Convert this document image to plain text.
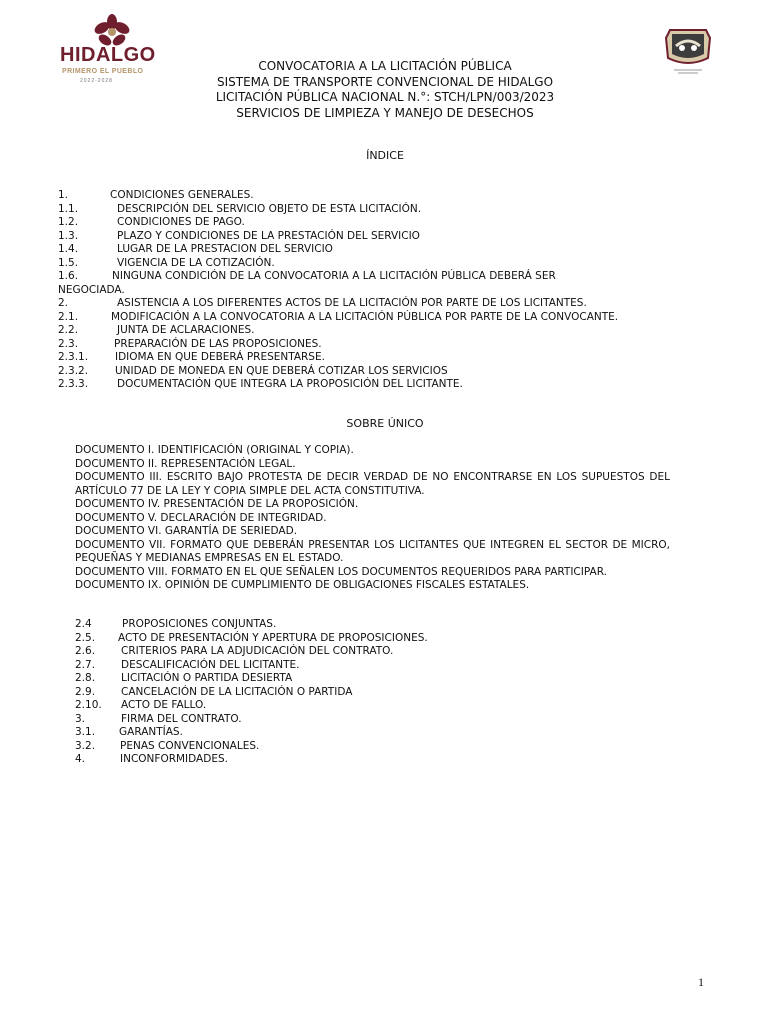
HIDALGO
PRIMERO EL PUEBLO
2022-2028
CONVOCATORIA A LA LICITACIÓN PÚBLICA
SISTEMA DE TRANSPORTE CONVENCIONAL DE HIDALGO
LICITACIÓN PÚBLICA NACIONAL N.°: STCH/LPN/003/2023
SERVICIOS DE LIMPIEZA Y MANEJO DE DESECHOS
ÍNDICE
1.	CONDICIONES GENERALES.
1.1.	DESCRIPCIÓN DEL SERVICIO OBJETO DE ESTA LICITACIÓN.
1.2.	CONDICIONES DE PAGO.
1.3.	PLAZO Y CONDICIONES DE LA PRESTACIÓN DEL SERVICIO
1.4.	LUGAR DE LA PRESTACION DEL SERVICIO
1.5.	VIGENCIA DE LA COTIZACIÓN.
1.6.	NINGUNA CONDICIÓN DE LA CONVOCATORIA A LA LICITACIÓN PÚBLICA DEBERÁ SER
NEGOCIADA.
2.	ASISTENCIA A LOS DIFERENTES ACTOS DE LA LICITACIÓN POR PARTE DE LOS LICITANTES.
2.1.	MODIFICACIÓN A LA CONVOCATORIA A LA LICITACIÓN PÚBLICA POR PARTE DE LA CONVOCANTE.
2.2.	JUNTA DE ACLARACIONES.
2.3.	PREPARACIÓN DE LAS PROPOSICIONES.
2.3.1.	IDIOMA EN QUE DEBERÁ PRESENTARSE.
2.3.2.	UNIDAD DE MONEDA EN QUE DEBERÁ COTIZAR LOS SERVICIOS
2.3.3.	DOCUMENTACIÓN QUE INTEGRA LA PROPOSICIÓN DEL LICITANTE.
SOBRE ÚNICO
DOCUMENTO I. IDENTIFICACIÓN (ORIGINAL Y COPIA).
DOCUMENTO II. REPRESENTACIÓN LEGAL.
DOCUMENTO III. ESCRITO BAJO PROTESTA DE DECIR VERDAD DE NO ENCONTRARSE EN LOS SUPUESTOS DEL ARTÍCULO 77 DE LA LEY Y COPIA SIMPLE DEL ACTA CONSTITUTIVA.
DOCUMENTO IV. PRESENTACIÓN DE LA PROPOSICIÓN.
DOCUMENTO V. DECLARACIÓN DE INTEGRIDAD.
DOCUMENTO VI. GARANTÍA DE SERIEDAD.
DOCUMENTO VII. FORMATO QUE DEBERÁN PRESENTAR LOS LICITANTES QUE INTEGREN EL SECTOR DE MICRO, PEQUEÑAS Y MEDIANAS EMPRESAS EN EL ESTADO.
DOCUMENTO VIII. FORMATO EN EL QUE SEÑALEN LOS DOCUMENTOS REQUERIDOS PARA PARTICIPAR.
DOCUMENTO IX. OPINIÓN DE CUMPLIMIENTO DE OBLIGACIONES FISCALES ESTATALES.
2.4	PROPOSICIONES CONJUNTAS.
2.5. ACTO DE PRESENTACIÓN Y APERTURA DE PROPOSICIONES.
2.6. CRITERIOS PARA LA ADJUDICACIÓN DEL CONTRATO.
2.7. DESCALIFICACIÓN DEL LICITANTE.
2.8. LICITACIÓN O PARTIDA DESIERTA
2.9. CANCELACIÓN DE LA LICITACIÓN O PARTIDA
2.10. ACTO DE FALLO.
3.	FIRMA DEL CONTRATO.
3.1. GARANTÍAS.
3.2. PENAS CONVENCIONALES.
4.	INCONFORMIDADES.
1
